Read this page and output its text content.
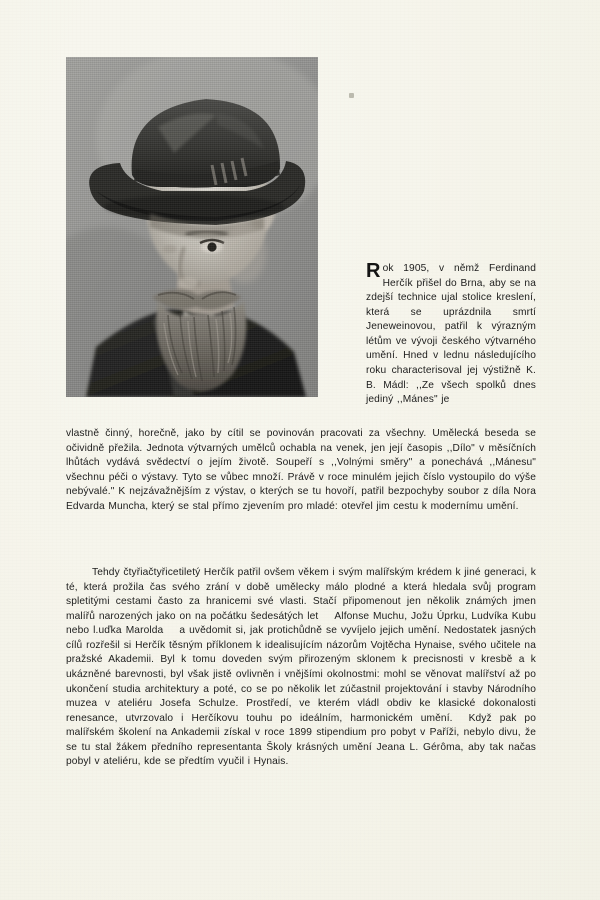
Rok 1905, v němž Ferdinand Herčík přišel do Brna, aby se na zdejší technice ujal stolice kreslení, která se uprázdnila smrtí Jeneweinovou, patřil k výrazným létům ve vývoji českého výtvarného umění. Hned v lednu následujícího roku characterisoval jej výstižně K. B. Mádl: ,,Ze všech spolků dnes jediný ,,Mánes" je

vlastně činný, horečně, jako by cítil se povinován pracovati za všechny. Umělecká beseda se očividně přežila. Jednota výtvarných umělců ochabla na venek, jen její časopis ,,Dílo" v měsíčních lhůtách vydává svědectví o jejím životě. Soupeří s ,,Volnými směry" a ponechává ,,Mánesu" všechnu péči o výstavy. Tyto se vůbec množí. Právě v roce minulém jejich číslo vystoupilo do výše nebývalé." K nejzávažnějším z výstav, o kterých se tu hovoří, patřil bezpochyby soubor z díla Nora Edvarda Muncha, který se stal přímo zjevením pro mladé: otevřel jim cestu k modernímu umění.

Tehdy čtyřiačtyřicetiletý Herčík patřil ovšem věkem i svým malířským krédem k jiné generaci, k té, která prožila čas svého zrání v době umělecky málo plodné a která hledala svůj program spletitými cestami často za hranicemi své vlasti. Stačí připomenout jen několik známých jmen malířů narozených jako on na počátku šedesátých let Alfonse Muchu, Jožu Úprku, Ludvíka Kubu nebo l.uďka Marolda a uvědomit si, jak protichůdně se vyvíjelo jejich umění. Nedostatek jasných cílů rozřešil si Herčík těsným příklonem k idealisujícím názorům Vojtěcha Hynaise, svého učitele na pražské Akademii. Byl k tomu doveden svým přirozeným sklonem k precisnosti v kresbě a k ukázněné barevnosti, byl však jistě ovlivněn i vnějšími okolnostmi: mohl se věnovat malířství až po ukončení studia architektury a poté, co se po několik let zúčastnil projektování i stavby Národního muzea v ateliéru Josefa Schulze. Prostředí, ve kterém vládl obdiv ke klasické dokonalosti renesance, utvrzovalo i Herčíkovu touhu po ideálním, harmonickém umění. Když pak po malířském školení na Ankademii získal v roce 1899 stipendium pro pobyt v Paříži, nebylo divu, že se tu stal žákem předního representanta Školy krásných umění Jeana L. Gérôma, aby tak načas pobyl v ateliéru, kde se předtím vyučil i Hynais.
